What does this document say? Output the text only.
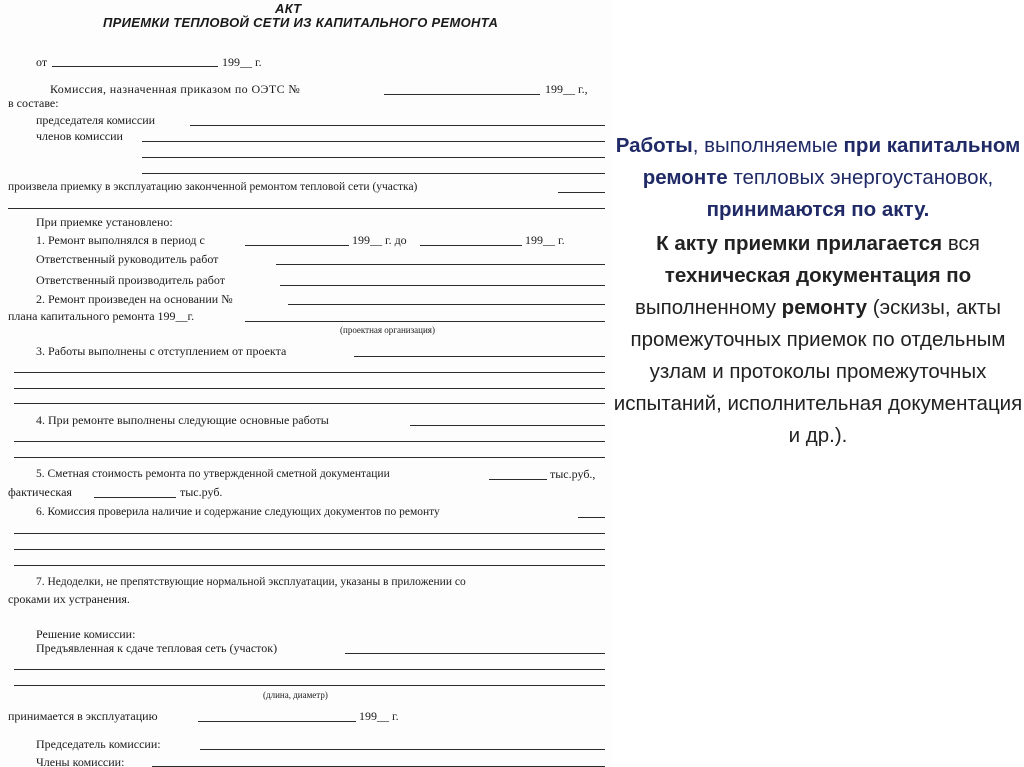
АКТ
ПРИЕМКИ ТЕПЛОВОЙ СЕТИ ИЗ КАПИТАЛЬНОГО РЕМОНТА
от	199__ г.
Комиссия, назначенная приказом по ОЭТС №	199__ г.,
в составе:
председателя комиссии
членов комиссии
произвела приемку в эксплуатацию законченной ремонтом тепловой сети (участка)
При приемке установлено:
1. Ремонт выполнялся в период с	199__ г. до	199__ г.
Ответственный руководитель работ
Ответственный производитель работ
2. Ремонт произведен на основании №
плана капитального ремонта 199__г.
(проектная организация)
3. Работы выполнены с отступлением от проекта
4. При ремонте выполнены следующие основные работы
5. Сметная стоимость ремонта по утвержденной сметной документации	тыс.руб.,
фактическая	тыс.руб.
6. Комиссия проверила наличие и содержание следующих документов по ремонту
7. Недоделки, не препятствующие нормальной эксплуатации, указаны в приложении со
сроками их устранения.
Решение комиссии:
Предъявленная к сдаче тепловая сеть (участок)
(длина, диаметр)
принимается в эксплуатацию	199__ г.
Председатель комиссии:
Члены комиссии:

Работы, выполняемые при капитальном ремонте тепловых энергоустановок, принимаются по акту.

К акту приемки прилагается вся техническая документация по выполненному ремонту (эскизы, акты промежуточных приемок по отдельным узлам и протоколы промежуточных испытаний, исполнительная документация и др.).
